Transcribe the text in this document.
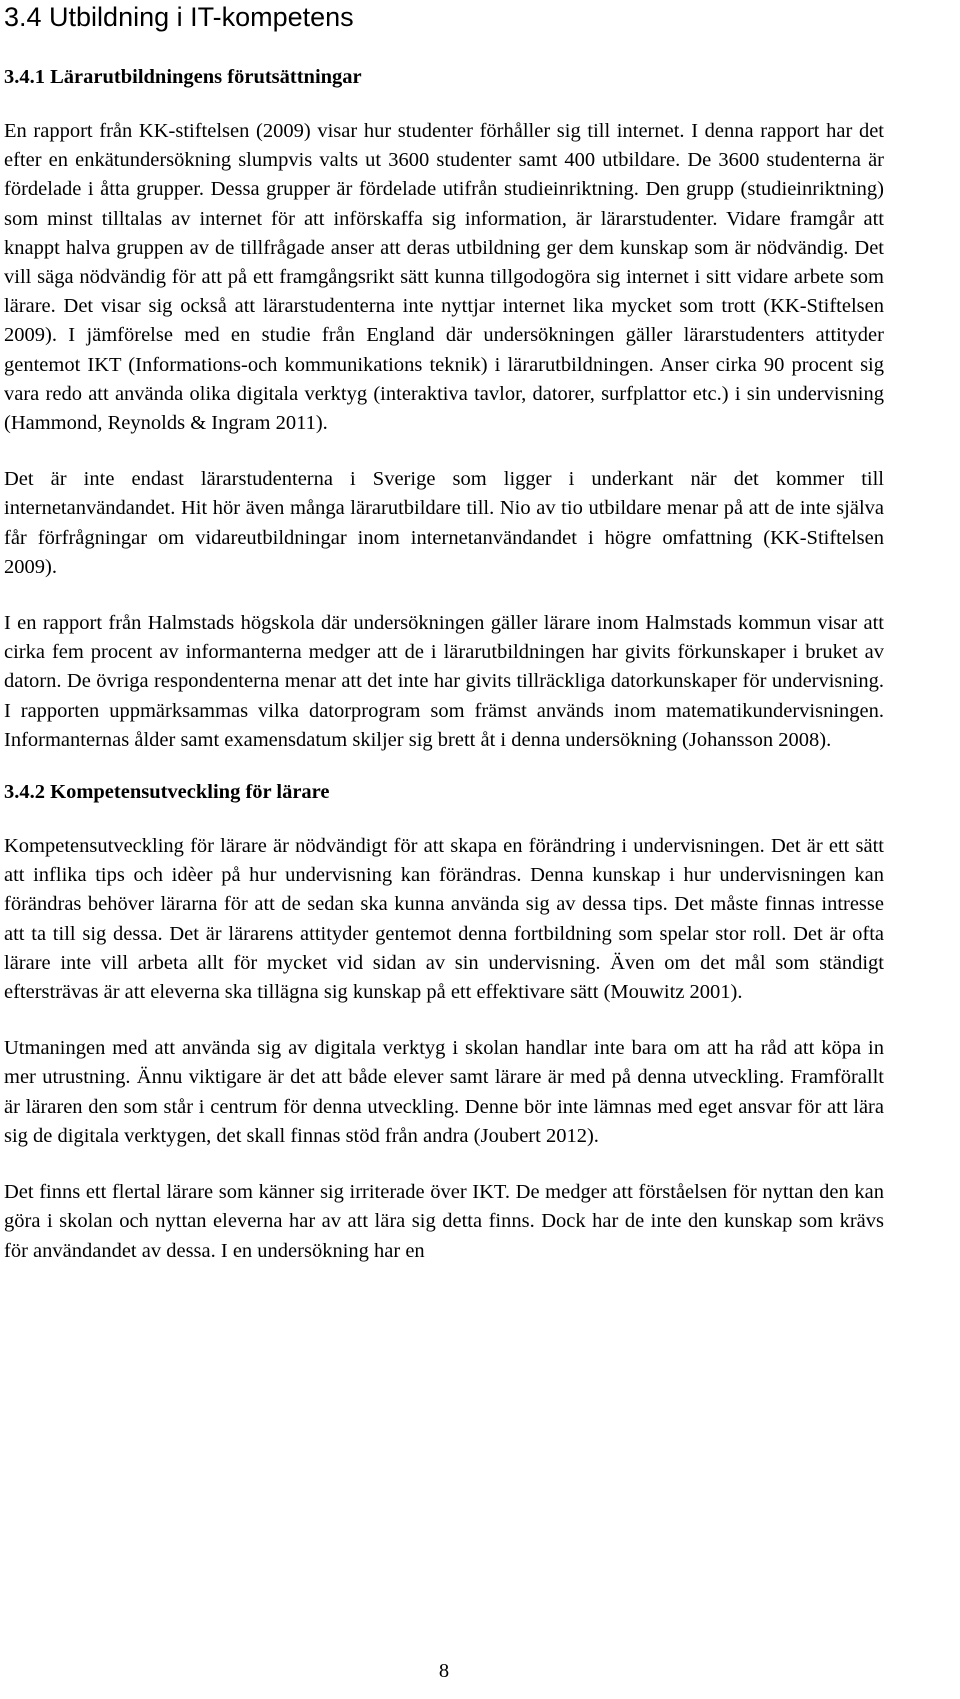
3.4 Utbildning i IT-kompetens
3.4.1 Lärarutbildningens förutsättningar

En rapport från KK-stiftelsen (2009) visar hur studenter förhåller sig till internet. I denna rapport har det efter en enkätundersökning slumpvis valts ut 3600 studenter samt 400 utbildare. De 3600 studenterna är fördelade i åtta grupper. Dessa grupper är fördelade utifrån studieinriktning. Den grupp (studieinriktning) som minst tilltalas av internet för att införskaffa sig information, är lärarstudenter. Vidare framgår att knappt halva gruppen av de tillfrågade anser att deras utbildning ger dem kunskap som är nödvändig. Det vill säga nödvändig för att på ett framgångsrikt sätt kunna tillgodogöra sig internet i sitt vidare arbete som lärare. Det visar sig också att lärarstudenterna inte nyttjar internet lika mycket som trott (KK-Stiftelsen 2009). I jämförelse med en studie från England där undersökningen gäller lärarstudenters attityder gentemot IKT (Informations-och kommunikations teknik) i lärarutbildningen. Anser cirka 90 procent sig vara redo att använda olika digitala verktyg (interaktiva tavlor, datorer, surfplattor etc.) i sin undervisning (Hammond, Reynolds & Ingram 2011).

Det är inte endast lärarstudenterna i Sverige som ligger i underkant när det kommer till internetanvändandet. Hit hör även många lärarutbildare till. Nio av tio utbildare menar på att de inte själva får förfrågningar om vidareutbildningar inom internetanvändandet i högre omfattning (KK-Stiftelsen 2009).

I en rapport från Halmstads högskola där undersökningen gäller lärare inom Halmstads kommun visar att cirka fem procent av informanterna medger att de i lärarutbildningen har givits förkunskaper i bruket av datorn. De övriga respondenterna menar att det inte har givits tillräckliga datorkunskaper för undervisning. I rapporten uppmärksammas vilka datorprogram som främst används inom matematikundervisningen. Informanternas ålder samt examensdatum skiljer sig brett åt i denna undersökning (Johansson 2008).

3.4.2 Kompetensutveckling för lärare

Kompetensutveckling för lärare är nödvändigt för att skapa en förändring i undervisningen. Det är ett sätt att inflika tips och idèer på hur undervisning kan förändras. Denna kunskap i hur undervisningen kan förändras behöver lärarna för att de sedan ska kunna använda sig av dessa tips. Det måste finnas intresse att ta till sig dessa. Det är lärarens attityder gentemot denna fortbildning som spelar stor roll. Det är ofta lärare inte vill arbeta allt för mycket vid sidan av sin undervisning. Även om det mål som ständigt eftersträvas är att eleverna ska tillägna sig kunskap på ett effektivare sätt (Mouwitz 2001).

Utmaningen med att använda sig av digitala verktyg i skolan handlar inte bara om att ha råd att köpa in mer utrustning. Ännu viktigare är det att både elever samt lärare är med på denna utveckling. Framförallt är läraren den som står i centrum för denna utveckling. Denne bör inte lämnas med eget ansvar för att lära sig de digitala verktygen, det skall finnas stöd från andra (Joubert 2012).

Det finns ett flertal lärare som känner sig irriterade över IKT. De medger att förståelsen för nyttan den kan göra i skolan och nyttan eleverna har av att lära sig detta finns. Dock har de inte den kunskap som krävs för användandet av dessa. I en undersökning har en

8
